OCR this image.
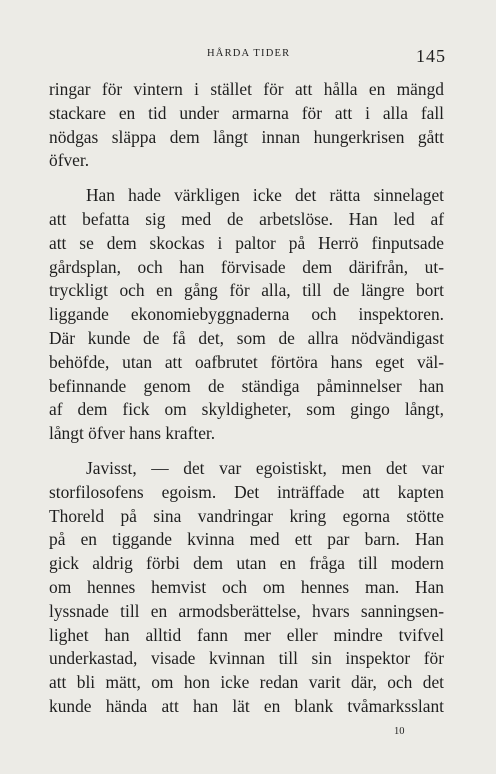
HÅRDA TIDER	145
ringar för vintern i stället för att hålla en mängd
stackare en tid under armarna för att i alla fall
nödgas släppa dem långt innan hungerkrisen gått
öfver.
Han hade värkligen icke det rätta sinnelaget
att befatta sig med de arbetslöse. Han led af
att se dem skockas i paltor på Herrö finputsade
gårdsplan, och han förvisade dem därifrån, ut-
tryckligt och en gång för alla, till de längre bort
liggande ekonomiebyggnaderna och inspektoren.
Där kunde de få det, som de allra nödvändigast
behöfde, utan att oafbrutet förtöra hans eget väl-
befinnande genom de ständiga påminnelser han
af dem fick om skyldigheter, som gingo långt,
långt öfver hans krafter.
Javisst, — det var egoistiskt, men det var
storfilosofens egoism. Det inträffade att kapten
Thoreld på sina vandringar kring egorna stötte
på en tiggande kvinna med ett par barn. Han
gick aldrig förbi dem utan en fråga till modern
om hennes hemvist och om hennes man. Han
lyssnade till en armodsberättelse, hvars sanningsen-
lighet han alltid fann mer eller mindre tvifvel
underkastad, visade kvinnan till sin inspektor för
att bli mätt, om hon icke redan varit där, och det
kunde hända att han lät en blank tvåmarksslant
10
